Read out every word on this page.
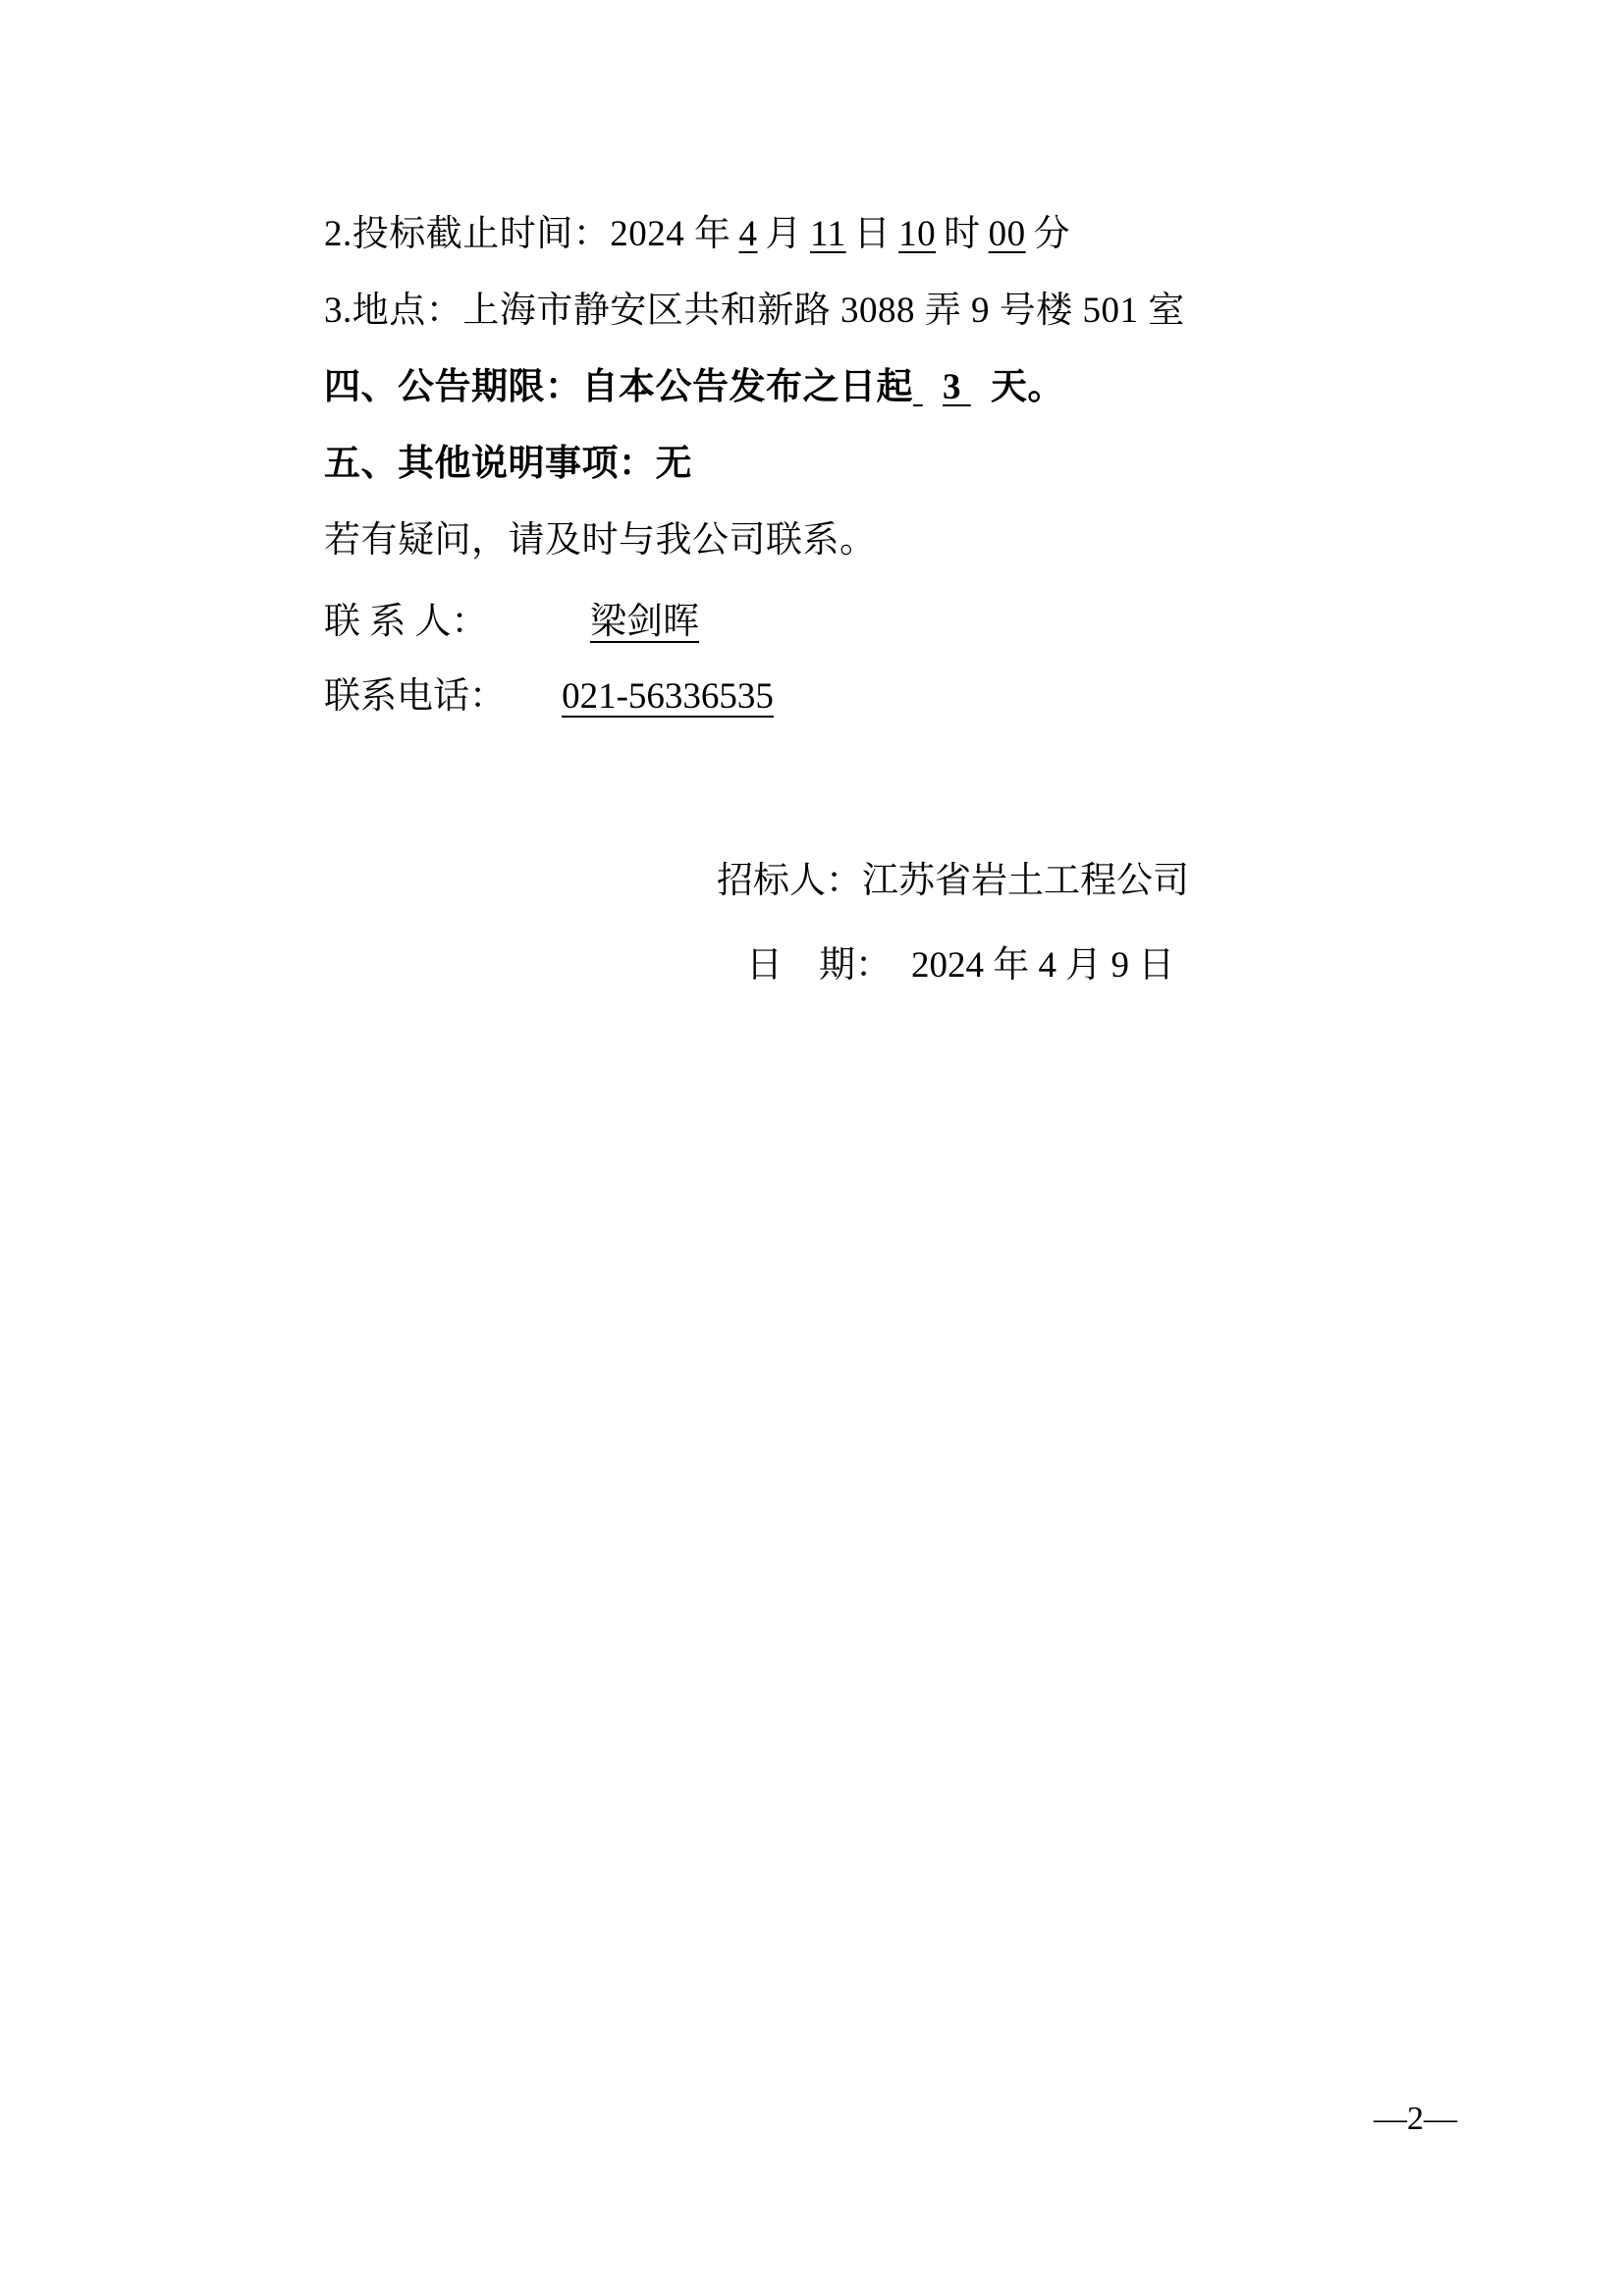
2.投标截止时间：2024 年 4 月 11 日 10 时 00 分
3.地点：上海市静安区共和新路 3088 弄 9 号楼 501 室
四、公告期限：自本公告发布之日起 3 天。
五、其他说明事项：无
若有疑问，请及时与我公司联系。
联 系 人：	梁剑晖
联系电话： 021-56336535
招标人：江苏省岩土工程公司
日　期： 2024 年 4 月 9 日
—2—
